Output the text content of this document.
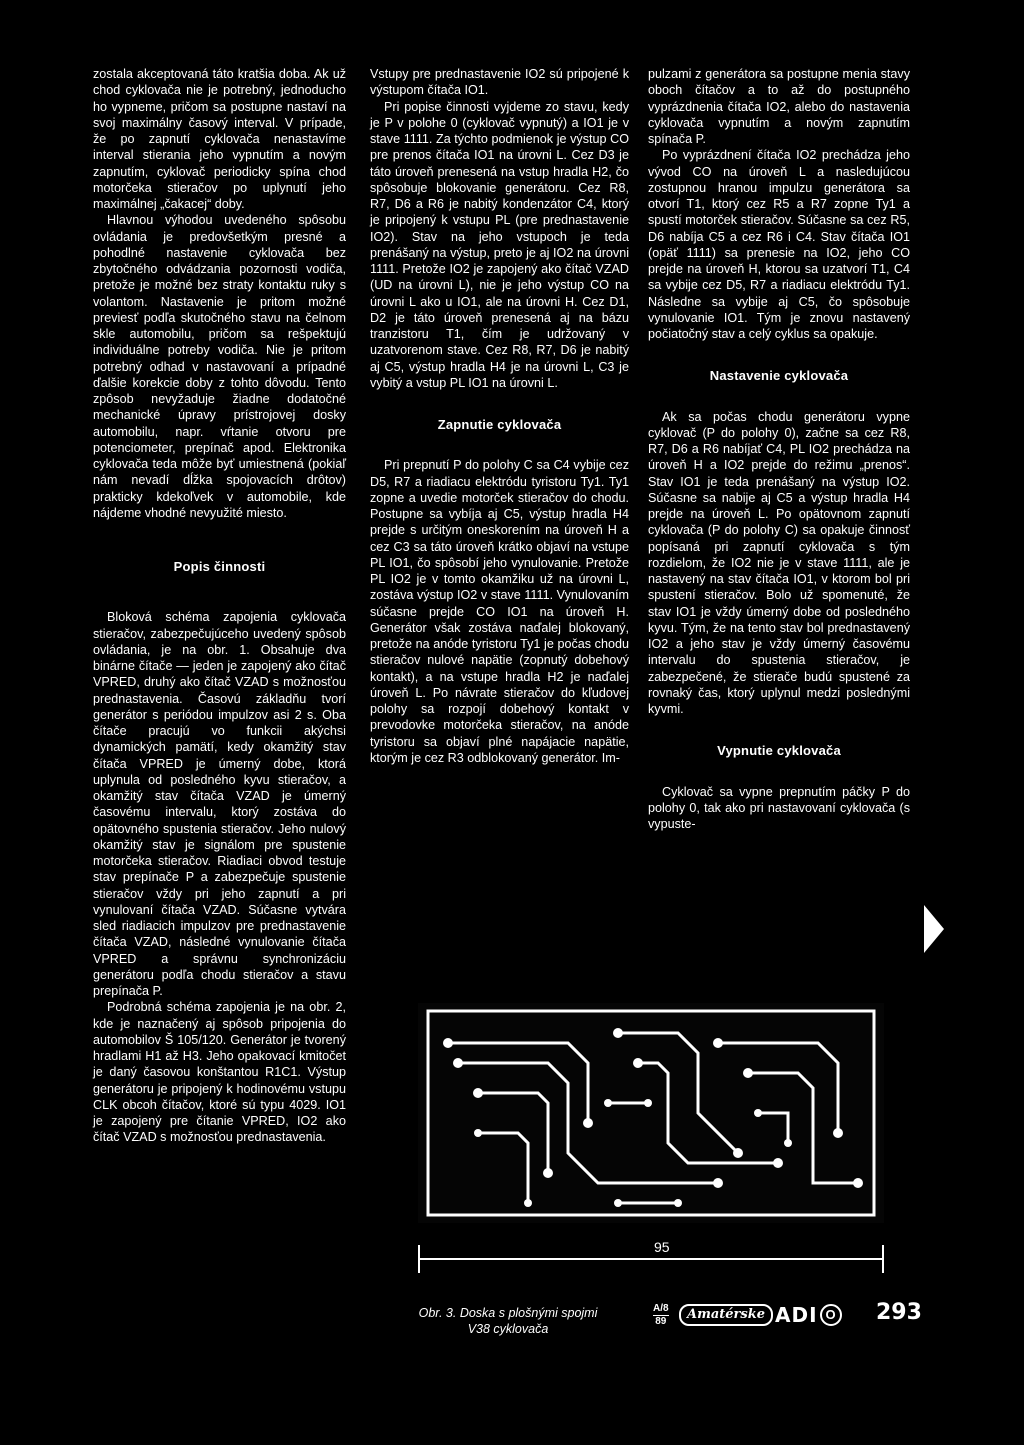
zostala akceptovaná táto kratšia doba. Ak už chod cyklovača nie je potrebný, jednoducho ho vypneme, pričom sa postupne nastaví na svoj maximálny časový interval. V prípade, že po zapnutí cyklovača nenastavíme interval stierania jeho vypnutím a novým zapnutím, cyklovač periodicky spína chod motorčeka stieračov po uplynutí jeho maximálnej „čakacej“ doby.

Hlavnou výhodou uvedeného spôsobu ovládania je predovšetkým presné a pohodlné nastavenie cyklovača bez zbytočného odvádzania pozornosti vodiča, pretože je možné bez straty kontaktu ruky s volantom. Nastavenie je pritom možné previesť podľa skutočného stavu na čelnom skle automobilu, pričom sa rešpektujú individuálne potreby vodiča. Nie je pritom potrebný odhad v nastavovaní a prípadné ďalšie korekcie doby z tohto dôvodu. Tento zpôsob nevyžaduje žiadne dodatočné mechanické úpravy prístrojovej dosky automobilu, napr. vŕtanie otvoru pre potenciometer, prepínač apod. Elektronika cyklovača teda môže byť umiestnená (pokiaľ nám nevadí dĺžka spojovacích drôtov) prakticky kdekoľvek v automobile, kde nájdeme vhodné nevyužité miesto.

Popis činnosti

Bloková schéma zapojenia cyklovača stieračov, zabezpečujúceho uvedený spôsob ovládania, je na obr. 1. Obsahuje dva binárne čítače — jeden je zapojený ako čítač VPRED, druhý ako čítač VZAD s možnosťou prednastavenia. Časovú základňu tvorí generátor s periódou impulzov asi 2 s. Oba čítače pracujú vo funkcii akýchsi dynamických pamätí, kedy okamžitý stav čítača VPRED je úmerný dobe, ktorá uplynula od posledného kyvu stieračov, a okamžitý stav čítača VZAD je úmerný časovému intervalu, ktorý zostáva do opätovného spustenia stieračov. Jeho nulový okamžitý stav je signálom pre spustenie motorčeka stieračov. Riadiaci obvod testuje stav prepínače P a zabezpečuje spustenie stieračov vždy pri jeho zapnutí a pri vynulovaní čítača VZAD. Súčasne vytvára sled riadiacich impulzov pre prednastavenie čítača VZAD, následné vynulovanie čítača VPRED a správnu synchronizáciu generátoru podľa chodu stieračov a stavu prepínača P.

Podrobná schéma zapojenia je na obr. 2, kde je naznačený aj spôsob pripojenia do automobilov Š 105/120. Generátor je tvorený hradlami H1 až H3. Jeho opakovací kmitočet je daný časovou konštantou R1C1. Výstup generátoru je pripojený k hodinovému vstupu CLK obcoh čítačov, ktoré sú typu 4029. IO1 je zapojený pre čítanie VPRED, IO2 ako čítač VZAD s možnosťou prednastavenia.

Vstupy pre prednastavenie IO2 sú pripojené k výstupom čítača IO1.

Pri popise činnosti vyjdeme zo stavu, kedy je P v polohe 0 (cyklovač vypnutý) a IO1 je v stave 1111. Za týchto podmienok je výstup CO pre prenos čítača IO1 na úrovni L. Cez D3 je táto úroveň prenesená na vstup hradla H2, čo spôsobuje blokovanie generátoru. Cez R8, R7, D6 a R6 je nabitý kondenzátor C4, ktorý je pripojený k vstupu PL (pre prednastavenie IO2). Stav na jeho vstupoch je teda prenášaný na výstup, preto je aj IO2 na úrovni 1111. Pretože IO2 je zapojený ako čítač VZAD (UD na úrovni L), nie je jeho výstup CO na úrovni L ako u IO1, ale na úrovni H. Cez D1, D2 je táto úroveň prenesená aj na bázu tranzistoru T1, čím je udržovaný v uzatvorenom stave. Cez R8, R7, D6 je nabitý aj C5, výstup hradla H4 je na úrovni L, C3 je vybitý a vstup PL IO1 na úrovni L.

Zapnutie cyklovača

Pri prepnutí P do polohy C sa C4 vybije cez D5, R7 a riadiacu elektródu tyristoru Ty1. Ty1 zopne a uvedie motorček stieračov do chodu. Postupne sa vybíja aj C5, výstup hradla H4 prejde s určitým oneskorením na úroveň H a cez C3 sa táto úroveň krátko objaví na vstupe PL IO1, čo spôsobí jeho vynulovanie. Pretože PL IO2 je v tomto okamžiku už na úrovni L, zostáva výstup IO2 v stave 1111. Vynulovaním súčasne prejde CO IO1 na úroveň H. Generátor však zostáva naďalej blokovaný, pretože na anóde tyristoru Ty1 je počas chodu stieračov nulové napätie (zopnutý dobehový kontakt), a na vstupe hradla H2 je naďalej úroveň L. Po návrate stieračov do kľudovej polohy sa rozpojí dobehový kontakt v prevodovke motorčeka stieračov, na anóde tyristoru sa objaví plné napájacie napätie, ktorým je cez R3 odblokovaný generátor. Im-

pulzami z generátora sa postupne menia stavy oboch čítačov a to až do postupného vyprázdnenia čítača IO2, alebo do nastavenia cyklovača vypnutím a novým zapnutím spínača P.

Po vyprázdnení čítača IO2 prechádza jeho vývod CO na úroveň L a nasledujúcou zostupnou hranou impulzu generátora sa otvorí T1, ktorý cez R5 a R7 zopne Ty1 a spustí motorček stieračov. Súčasne sa cez R5, D6 nabíja C5 a cez R6 i C4. Stav čítača IO1 (opäť 1111) sa prenesie na IO2, jeho CO prejde na úroveň H, ktorou sa uzatvorí T1, C4 sa vybije cez D5, R7 a riadiacu elektródu Ty1. Následne sa vybije aj C5, čo spôsobuje vynulovanie IO1. Tým je znovu nastavený počiatočný stav a celý cyklus sa opakuje.

Nastavenie cyklovača

Ak sa počas chodu generátoru vypne cyklovač (P do polohy 0), začne sa cez R8, R7, D6 a R6 nabíjať C4, PL IO2 prechádza na úroveň H a IO2 prejde do režimu „prenos“. Stav IO1 je teda prenášaný na výstup IO2. Súčasne sa nabije aj C5 a výstup hradla H4 prejde na úroveň L. Po opätovnom zapnutí cyklovača (P do polohy C) sa opakuje činnosť popísaná pri zapnutí cyklovača s tým rozdielom, že IO2 nie je v stave 1111, ale je nastavený na stav čítača IO1, v ktorom bol pri spustení stieračov. Bolo už spomenuté, že stav IO1 je vždy úmerný dobe od posledného kyvu. Tým, že na tento stav bol prednastavený IO2 a jeho stav je vždy úmerný časovému intervalu do spustenia stieračov, je zabezpečené, že stierače budú spustené za rovnaký čas, ktorý uplynul medzi poslednými kyvmi.

Vypnutie cyklovača

Cyklovač sa vypne prepnutím páčky P do polohy 0, tak ako pri nastavovaní cyklovača (s vypuste-

95
Obr. 3. Doska s plošnými spojmi V38 cyklovača
A/8
89	Amatérske ADI O 293
